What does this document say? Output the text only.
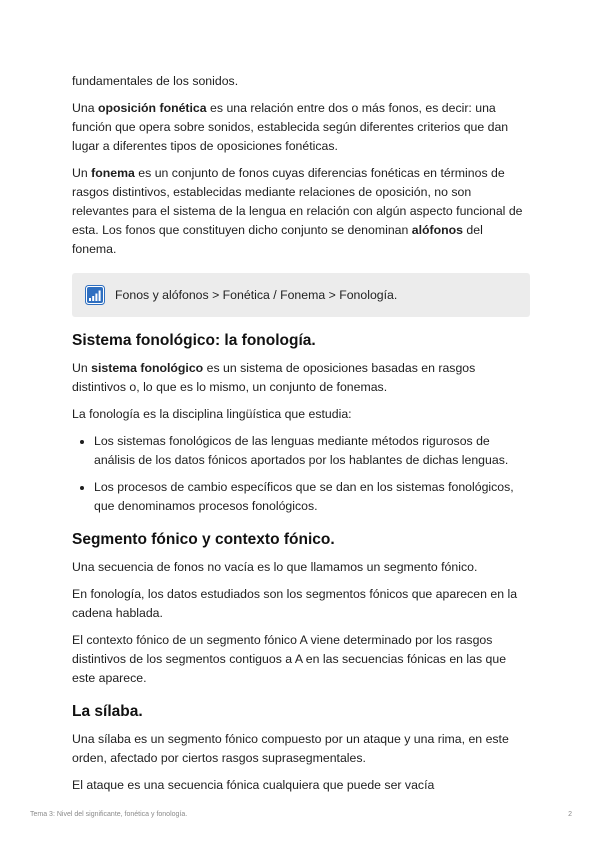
fundamentales de los sonidos.

Una oposición fonética es una relación entre dos o más fonos, es decir: una función que opera sobre sonidos, establecida según diferentes criterios que dan lugar a diferentes tipos de oposiciones fonéticas.

Un fonema es un conjunto de fonos cuyas diferencias fonéticas en términos de rasgos distintivos, establecidas mediante relaciones de oposición, no son relevantes para el sistema de la lengua en relación con algún aspecto funcional de esta. Los fonos que constituyen dicho conjunto se denominan alófonos del fonema.

Fonos y alófonos > Fonética / Fonema > Fonología.
Sistema fonológico: la fonología.

Un sistema fonológico es un sistema de oposiciones basadas en rasgos distintivos o, lo que es lo mismo, un conjunto de fonemas.

La fonología es la disciplina lingüística que estudia:

Los sistemas fonológicos de las lenguas mediante métodos rigurosos de análisis de los datos fónicos aportados por los hablantes de dichas lenguas.
Los procesos de cambio específicos que se dan en los sistemas fonológicos, que denominamos procesos fonológicos.
Segmento fónico y contexto fónico.

Una secuencia de fonos no vacía es lo que llamamos un segmento fónico.

En fonología, los datos estudiados son los segmentos fónicos que aparecen en la cadena hablada.

El contexto fónico de un segmento fónico A viene determinado por los rasgos distintivos de los segmentos contiguos a A en las secuencias fónicas en las que este aparece.

La sílaba.

Una sílaba es un segmento fónico compuesto por un ataque y una rima, en este orden, afectado por ciertos rasgos suprasegmentales.

El ataque es una secuencia fónica cualquiera que puede ser vacía

Tema 3: Nivel del significante, fonética y fonología.	2
